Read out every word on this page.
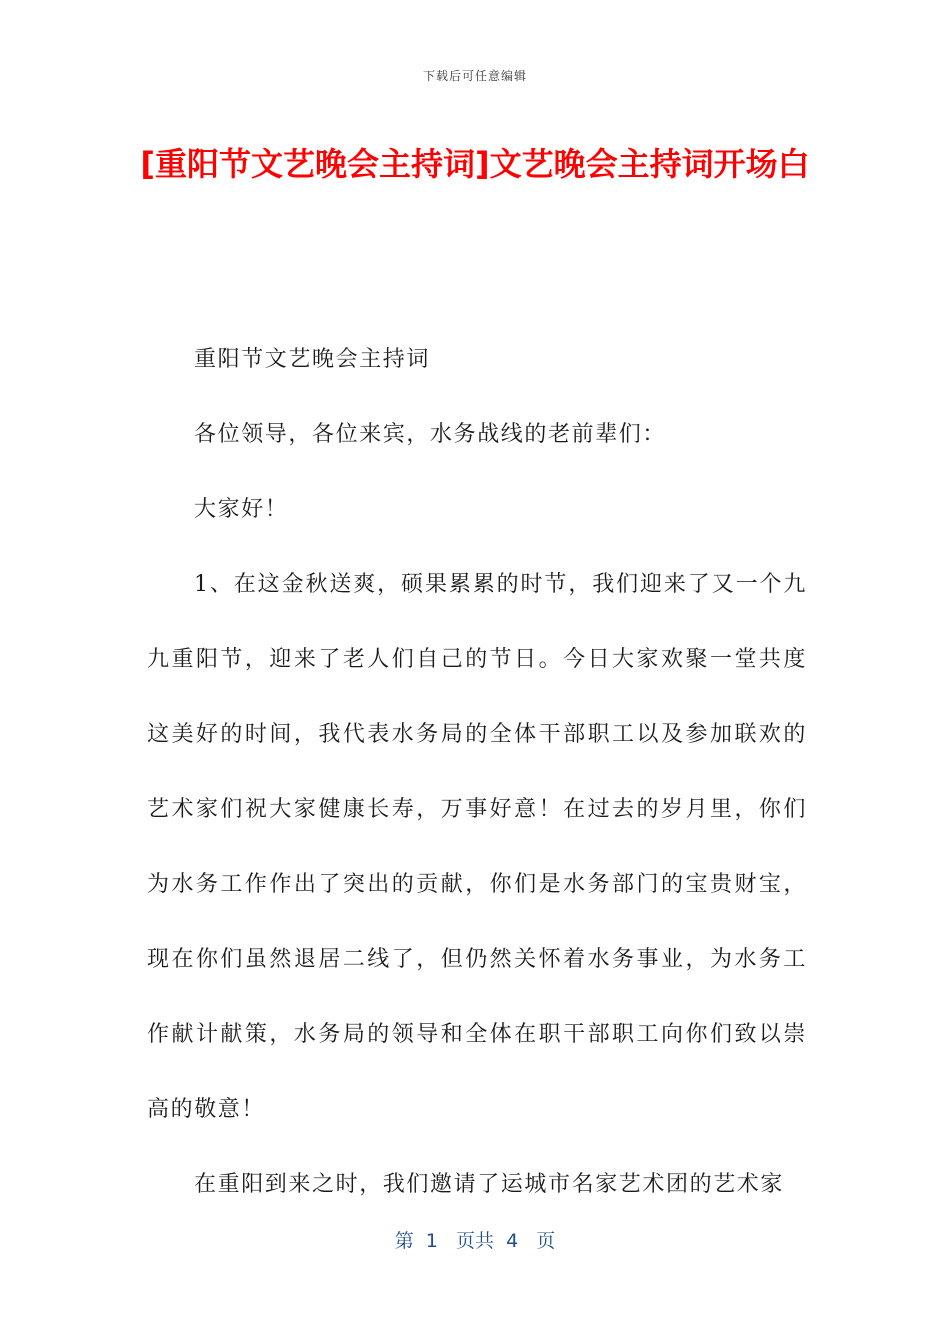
下载后可任意编辑
[重阳节文艺晚会主持词]文艺晚会主持词开场白

重阳节文艺晚会主持词

各位领导，各位来宾，水务战线的老前辈们：

大家好！

1、在这金秋送爽，硕果累累的时节，我们迎来了又一个九九重阳节，迎来了老人们自己的节日。今日大家欢聚一堂共度这美好的时间，我代表水务局的全体干部职工以及参加联欢的艺术家们祝大家健康长寿，万事好意！在过去的岁月里，你们为水务工作作出了突出的贡献，你们是水务部门的宝贵财宝，现在你们虽然退居二线了，但仍然关怀着水务事业，为水务工作献计献策，水务局的领导和全体在职干部职工向你们致以崇高的敬意！

在重阳到来之时，我们邀请了运城市名家艺术团的艺术家

第  1   页共  4   页
